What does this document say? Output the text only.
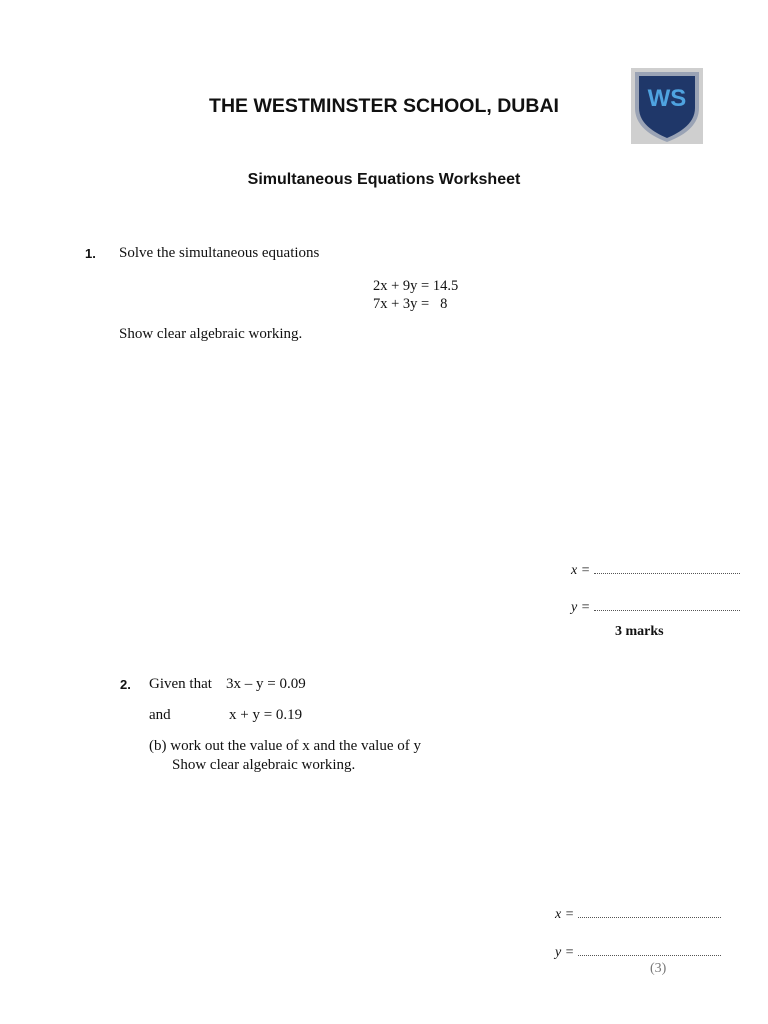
THE WESTMINSTER SCHOOL, DUBAI	WS
Simultaneous Equations Worksheet
1. Solve the simultaneous equations
2x + 9y = 14.5
7x + 3y =   8
Show clear algebraic working.
x =
y =
3 marks
2. Given that 3x – y = 0.09
and	x + y = 0.19
(b) work out the value of x and the value of y
Show clear algebraic working.
x =
y =
(3)
